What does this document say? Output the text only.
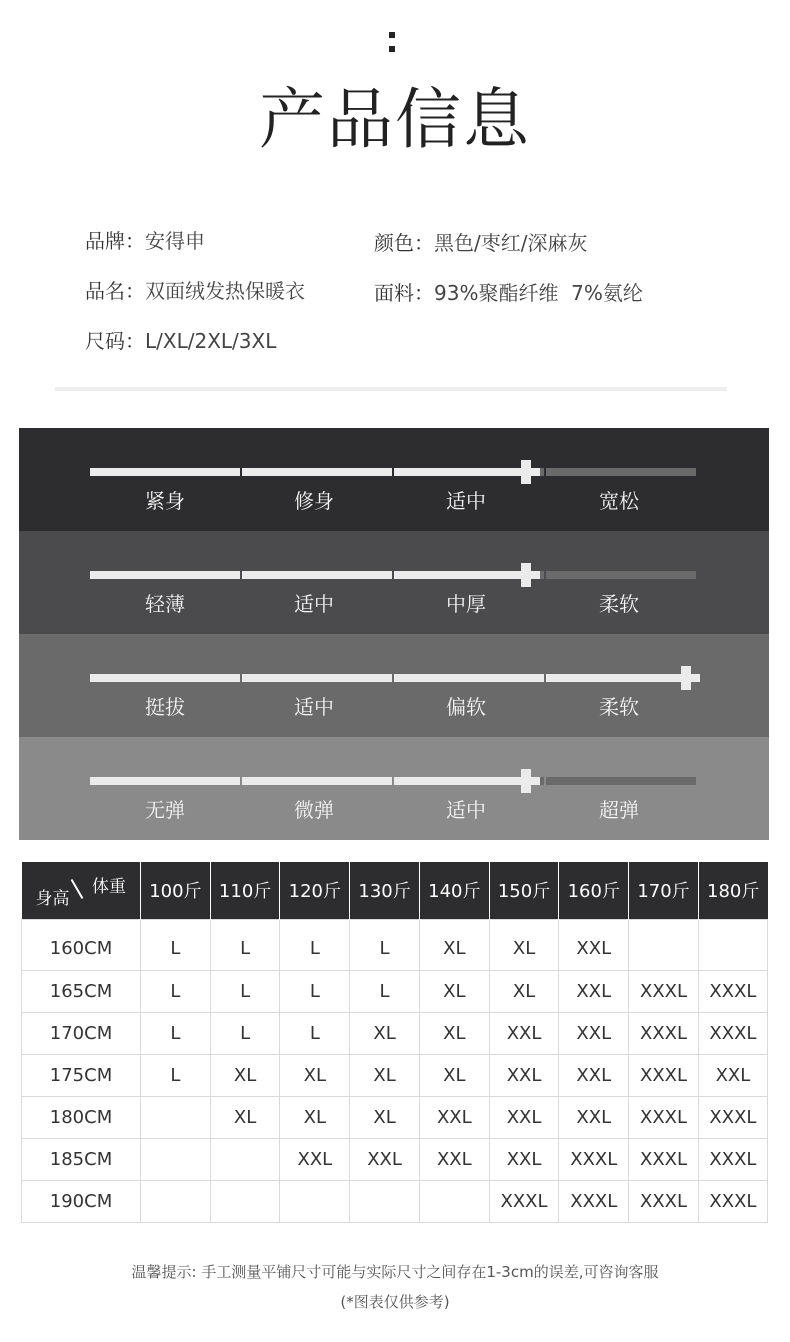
产品信息
品牌：安得申
品名：双面绒发热保暖衣
尺码：L/XL/2XL/3XL
颜色：黑色/枣红/深麻灰
面料：93%聚酯纤维  7%氨纶
紧身	修身	适中	宽松
轻薄	适中	中厚	柔软
挺拔	适中	偏软	柔软
无弹	微弹	适中	超弹
体重
身高	100斤	110斤	120斤	130斤	140斤	150斤	160斤	170斤	180斤
160CM	L	L	L	L	XL	XL	XXL		
165CM	L	L	L	L	XL	XL	XXL	XXXL	XXXL
170CM	L	L	L	XL	XL	XXL	XXL	XXXL	XXXL
175CM	L	XL	XL	XL	XL	XXL	XXL	XXXL	XXL
180CM		XL	XL	XL	XXL	XXL	XXL	XXXL	XXXL
185CM			XXL	XXL	XXL	XXL	XXXL	XXXL	XXXL
190CM						XXXL	XXXL	XXXL	XXXL
温馨提示: 手工测量平铺尺寸可能与实际尺寸之间存在1-3cm的误差,可咨询客服
(*图表仅供参考)
